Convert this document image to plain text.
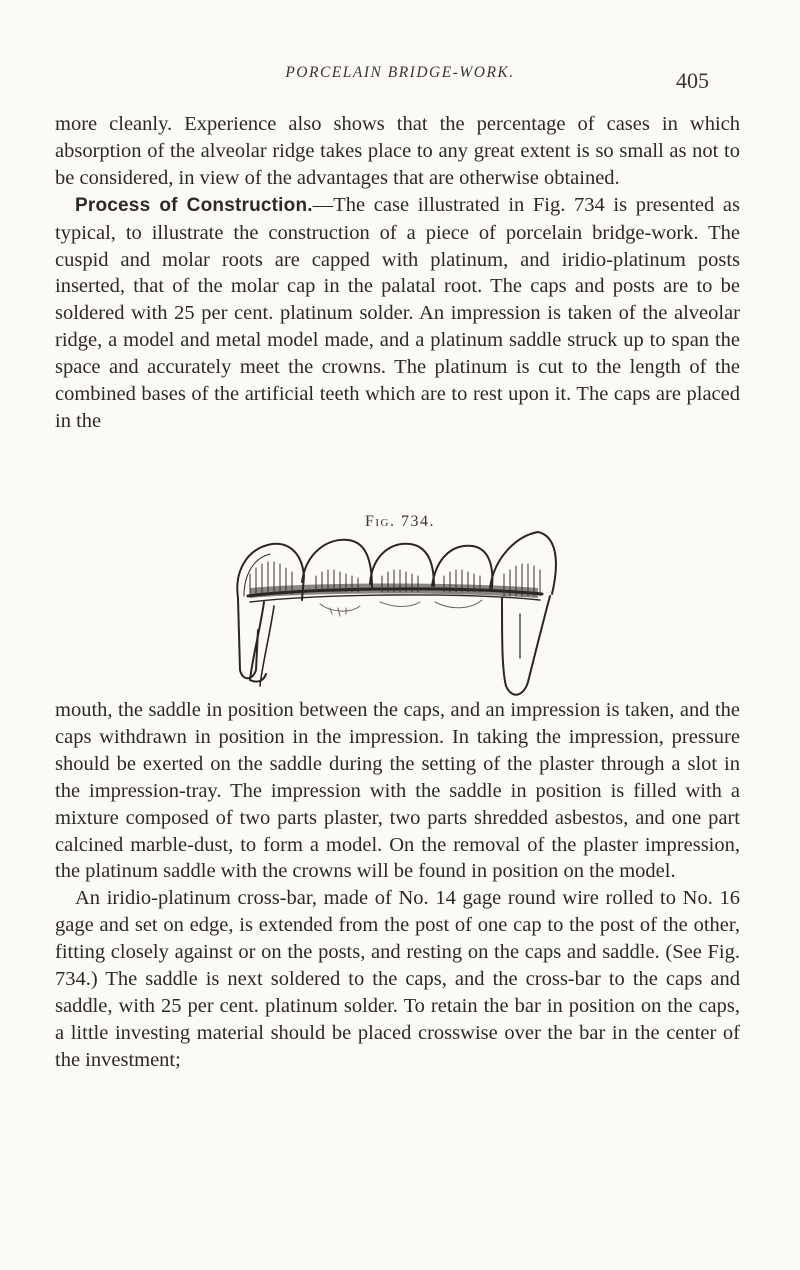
PORCELAIN BRIDGE-WORK.	405

more cleanly. Experience also shows that the percentage of cases in which absorption of the alveolar ridge takes place to any great extent is so small as not to be considered, in view of the advantages that are otherwise obtained.

Process of Construction.—The case illustrated in Fig. 734 is presented as typical, to illustrate the construction of a piece of porcelain bridge-work. The cuspid and molar roots are capped with platinum, and iridio-platinum posts inserted, that of the molar cap in the palatal root. The caps and posts are to be soldered with 25 per cent. platinum solder. An impression is taken of the alveolar ridge, a model and metal model made, and a platinum saddle struck up to span the space and accurately meet the crowns. The platinum is cut to the length of the combined bases of the artificial teeth which are to rest upon it. The caps are placed in the

Fig. 734.

mouth, the saddle in position between the caps, and an impression is taken, and the caps withdrawn in position in the impression. In taking the impression, pressure should be exerted on the saddle during the setting of the plaster through a slot in the impression-tray. The impression with the saddle in position is filled with a mixture composed of two parts plaster, two parts shredded asbestos, and one part calcined marble-dust, to form a model. On the removal of the plaster impression, the platinum saddle with the crowns will be found in position on the model.

An iridio-platinum cross-bar, made of No. 14 gage round wire rolled to No. 16 gage and set on edge, is extended from the post of one cap to the post of the other, fitting closely against or on the posts, and resting on the caps and saddle. (See Fig. 734.) The saddle is next soldered to the caps, and the cross-bar to the caps and saddle, with 25 per cent. platinum solder. To retain the bar in position on the caps, a little investing material should be placed crosswise over the bar in the center of the investment;
